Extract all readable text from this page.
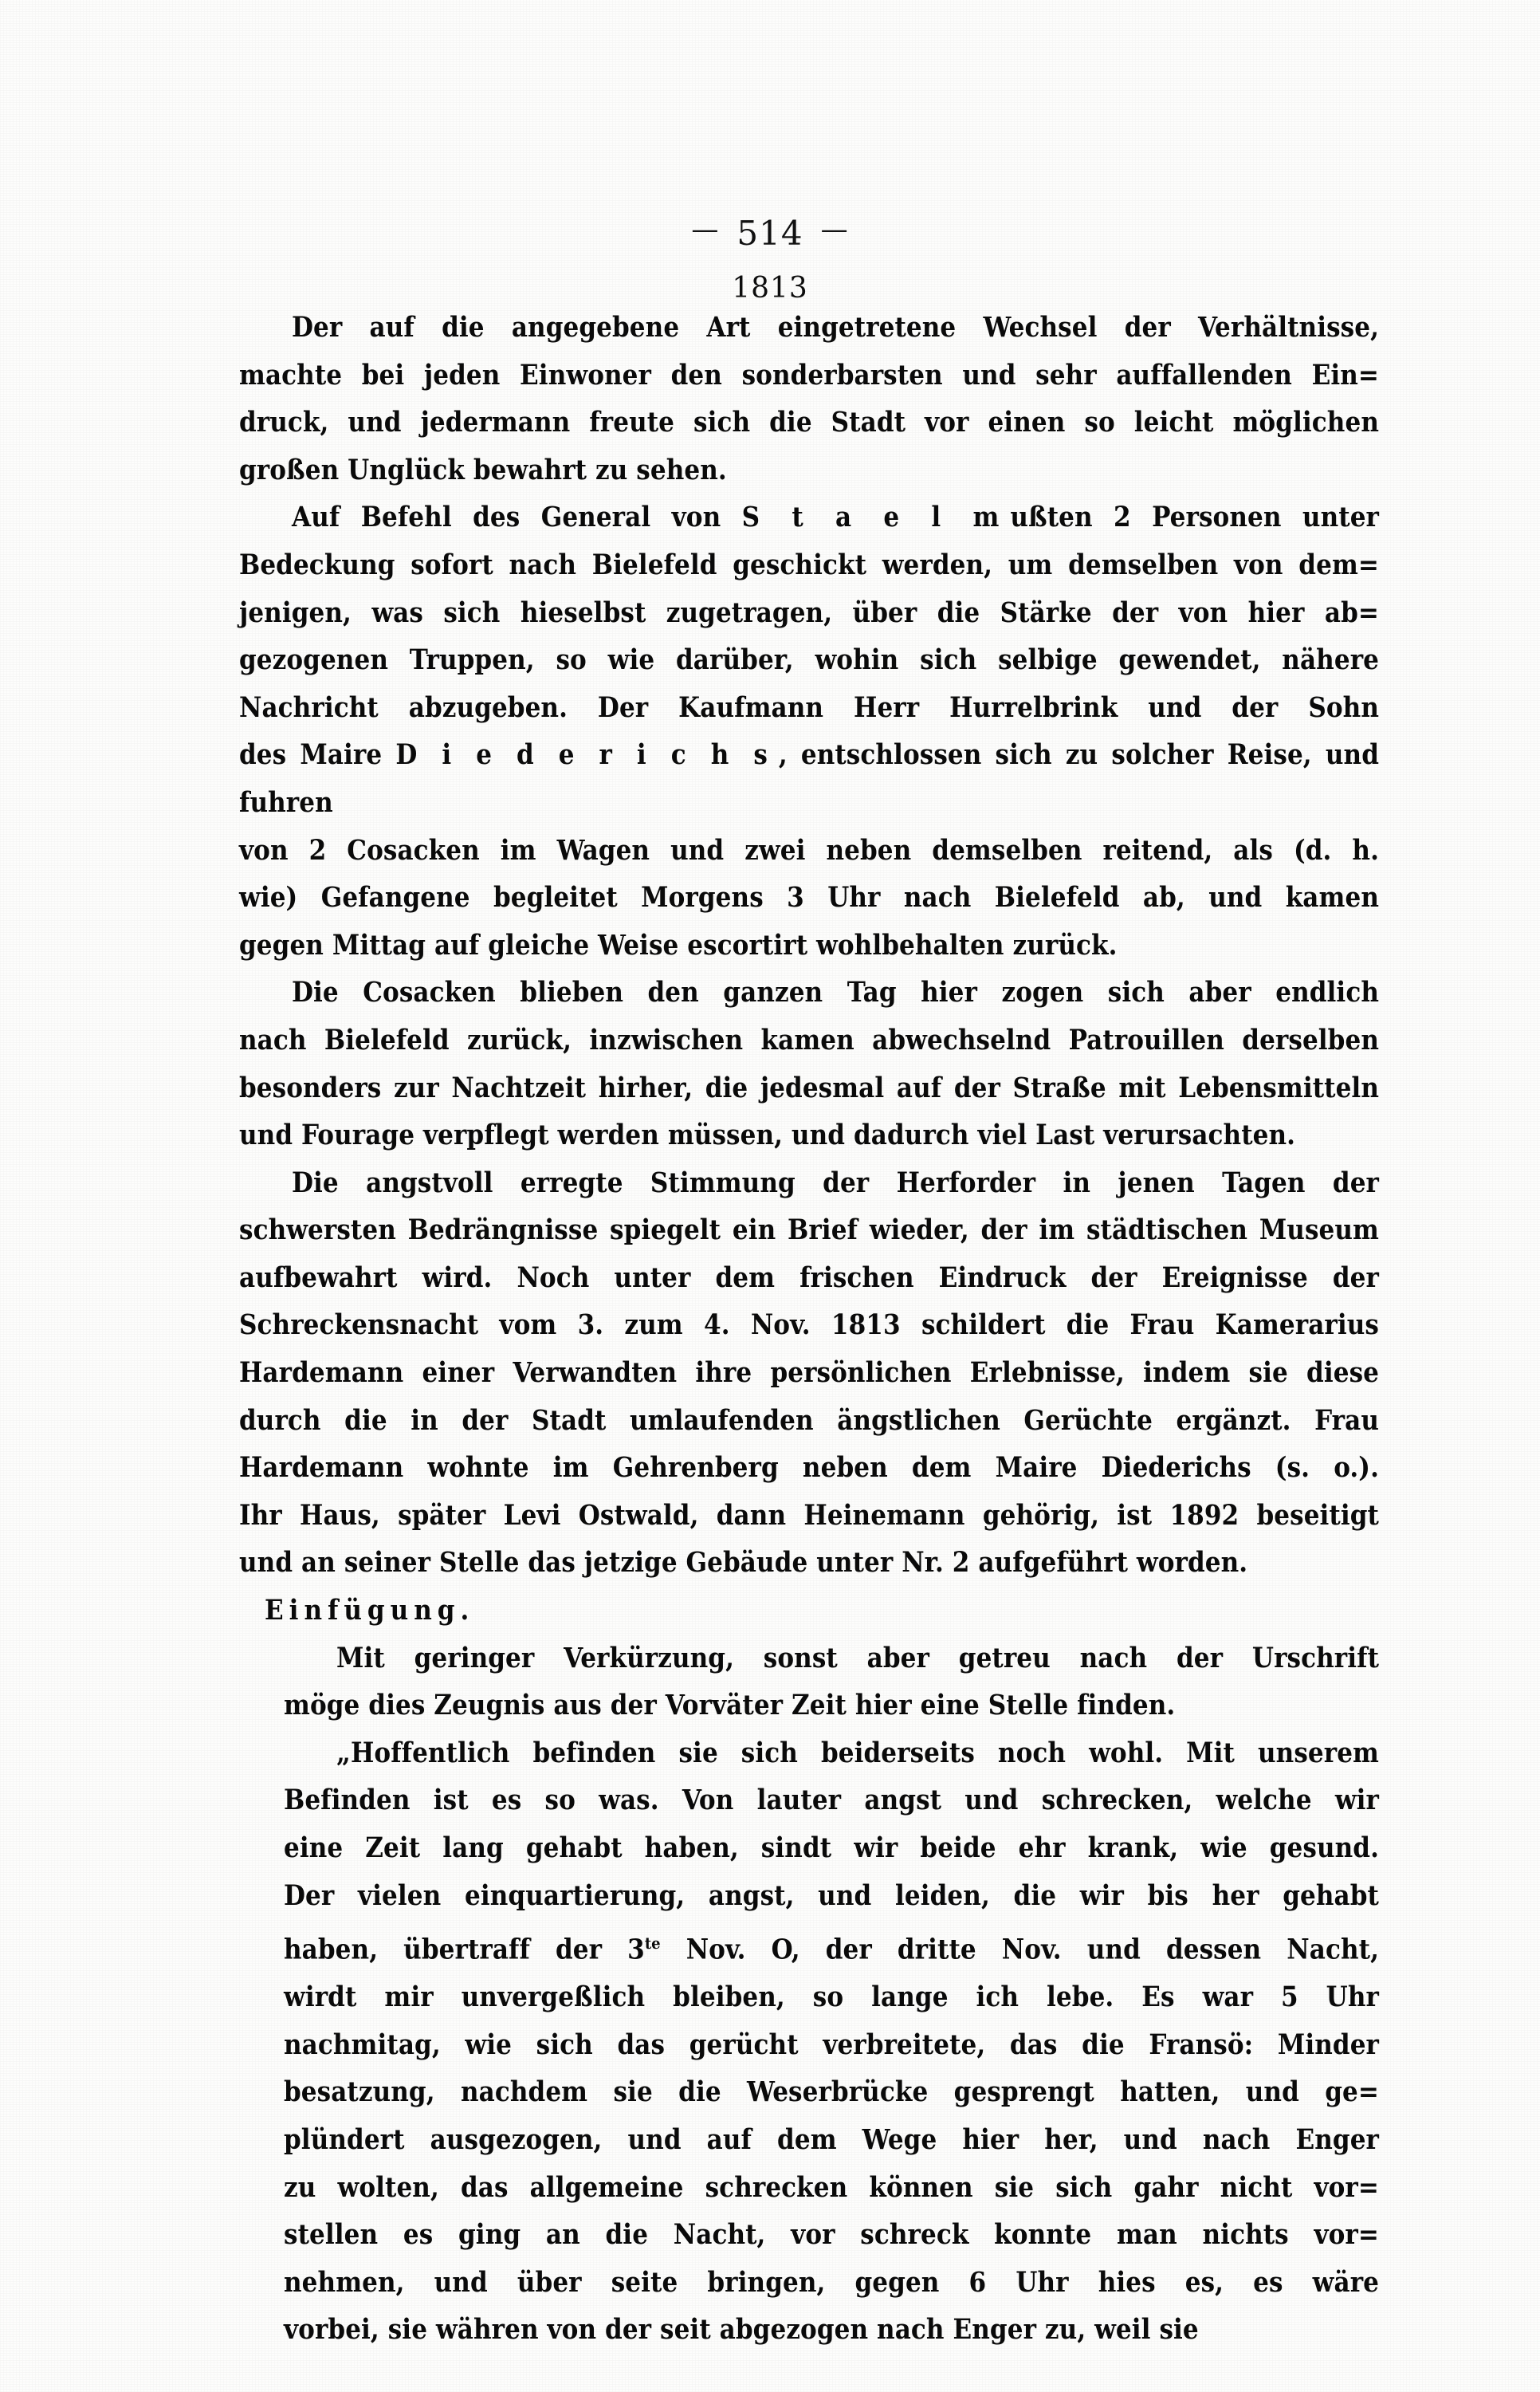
— 514 —
1813

Der auf die angegebene Art eingetretene Wechsel der Verhältnisse,
machte bei jeden Einwoner den sonderbarsten und sehr auffallenden Ein=
druck, und jedermann freute sich die Stadt vor einen so leicht möglichen
großen Unglück bewahrt zu sehen.

Auf Befehl des General von S t a e l m ußten 2 Personen unter
Bedeckung sofort nach Bielefeld geschickt werden, um demselben von dem=
jenigen, was sich hieselbst zugetragen, über die Stärke der von hier ab=
gezogenen Truppen, so wie darüber, wohin sich selbige gewendet, nähere
Nachricht abzugeben. Der Kaufmann Herr Hurrelbrink und der Sohn
des Maire D i e d e r i c h s , entschlossen sich zu solcher Reise, und fuhren
von 2 Cosacken im Wagen und zwei neben demselben reitend, als (d. h.
wie) Gefangene begleitet Morgens 3 Uhr nach Bielefeld ab, und kamen
gegen Mittag auf gleiche Weise escortirt wohlbehalten zurück.

Die Cosacken blieben den ganzen Tag hier zogen sich aber endlich
nach Bielefeld zurück, inzwischen kamen abwechselnd Patrouillen derselben
besonders zur Nachtzeit hirher, die jedesmal auf der Straße mit Lebensmitteln
und Fourage verpflegt werden müssen, und dadurch viel Last verursachten.

Die angstvoll erregte Stimmung der Herforder in jenen Tagen der
schwersten Bedrängnisse spiegelt ein Brief wieder, der im städtischen Museum
aufbewahrt wird. Noch unter dem frischen Eindruck der Ereignisse der
Schreckensnacht vom 3. zum 4. Nov. 1813 schildert die Frau Kamerarius
Hardemann einer Verwandten ihre persönlichen Erlebnisse, indem sie diese
durch die in der Stadt umlaufenden ängstlichen Gerüchte ergänzt. Frau
Hardemann wohnte im Gehrenberg neben dem Maire Diederichs (s. o.).
Ihr Haus, später Levi Ostwald, dann Heinemann gehörig, ist 1892 beseitigt
und an seiner Stelle das jetzige Gebäude unter Nr. 2 aufgeführt worden.

Einfügung.

Mit geringer Verkürzung, sonst aber getreu nach der Urschrift
möge dies Zeugnis aus der Vorväter Zeit hier eine Stelle finden.

„Hoffentlich befinden sie sich beiderseits noch wohl. Mit unserem
Befinden ist es so was. Von lauter angst und schrecken, welche wir
eine Zeit lang gehabt haben, sindt wir beide ehr krank, wie gesund.
Der vielen einquartierung, angst, und leiden, die wir bis her gehabt
haben, übertraff der $3^{te}$ Nov. O, der dritte Nov. und dessen Nacht,
wirdt mir unvergeßlich bleiben, so lange ich lebe. Es war 5 Uhr
nachmitag, wie sich das gerücht verbreitete, das die Fransö: Minder
besatzung, nachdem sie die Weserbrücke gesprengt hatten, und ge=
plündert ausgezogen, und auf dem Wege hier her, und nach Enger
zu wolten, das allgemeine schrecken können sie sich gahr nicht vor=
stellen es ging an die Nacht, vor schreck konnte man nichts vor=
nehmen, und über seite bringen, gegen 6 Uhr hies es, es wäre
vorbei, sie währen von der seit abgezogen nach Enger zu, weil sie
